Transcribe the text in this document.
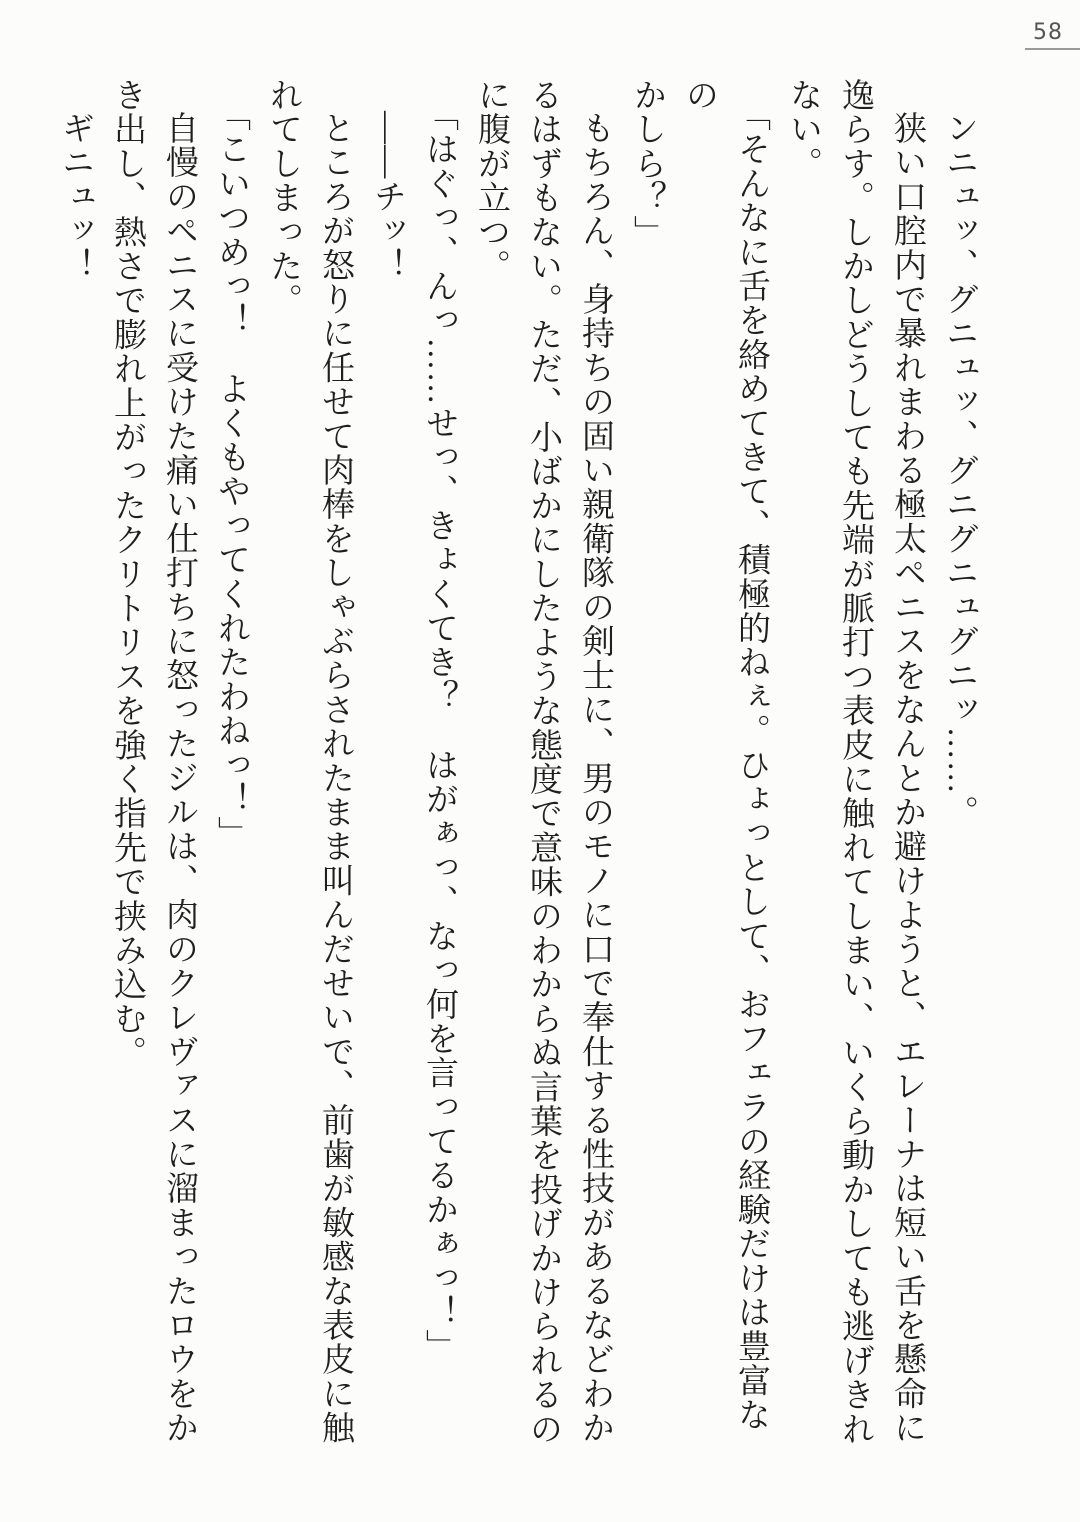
58
ンニュッ、グニュッ、グニグニュグニッ……。
狭い口腔内で暴れまわる極太ペニスをなんとか避けようと、エレーナは短い舌を懸命に
逸らす。しかしどうしても先端が脈打つ表皮に触れてしまい、いくら動かしても逃げきれ
ない。
「そんなに舌を絡めてきて、積極的ねぇ。ひょっとして、おフェラの経験だけは豊富なの
かしら？」
もちろん、身持ちの固い親衛隊の剣士に、男のモノに口で奉仕する性技があるなどわか
るはずもない。ただ、小ばかにしたような態度で意味のわからぬ言葉を投げかけられるの
に腹が立つ。
「はぐっ、んっ……せっ、きょくてき？　はがぁっ、なっ何を言ってるかぁっ！」
——チッ！
ところが怒りに任せて肉棒をしゃぶらされたまま叫んだせいで、前歯が敏感な表皮に触
れてしまった。
「こいつめっ！　よくもやってくれたわねっ！」
自慢のペニスに受けた痛い仕打ちに怒ったジルは、肉のクレヴァスに溜まったロウをか
き出し、熱さで膨れ上がったクリトリスを強く指先で挟み込む。
ギニュッ！
